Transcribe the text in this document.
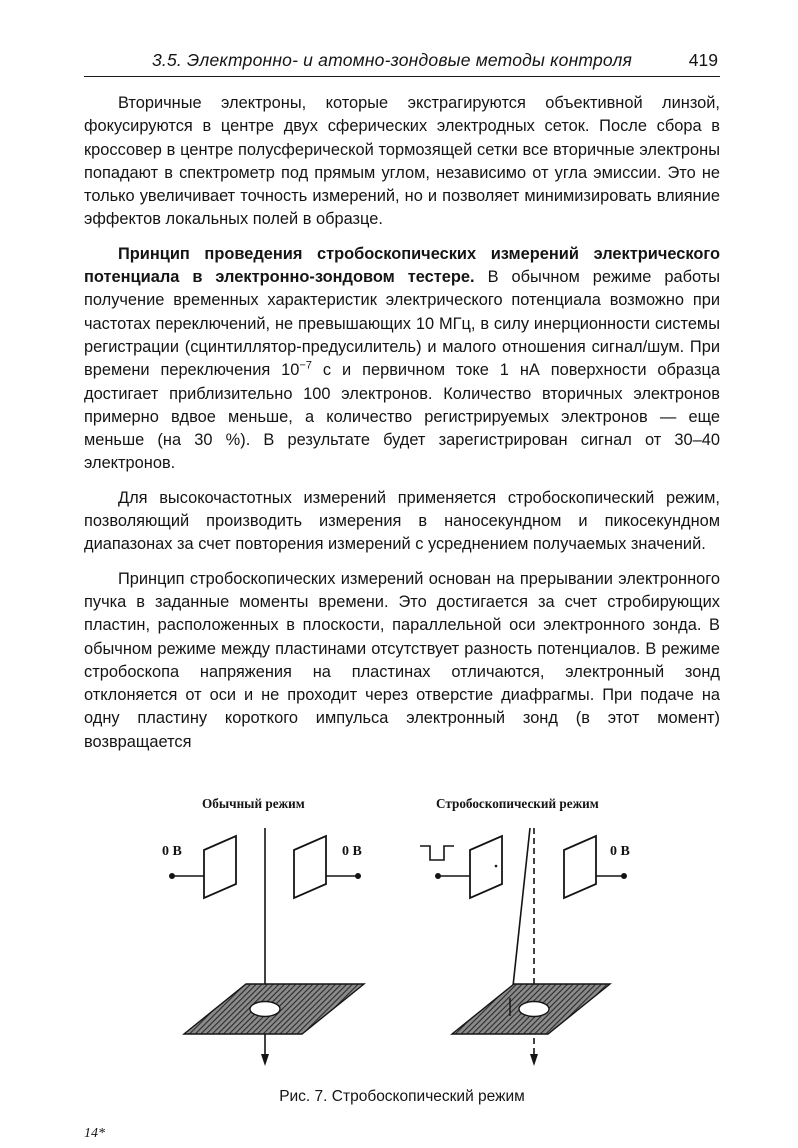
3.5. Электронно- и атомно-зондовые методы контроля	419

Вторичные электроны, которые экстрагируются объективной линзой, фокусируются в центре двух сферических электродных сеток. После сбора в кроссовер в центре полусферической тормозящей сетки все вторичные электроны попадают в спектрометр под прямым углом, независимо от угла эмиссии. Это не только увеличивает точность измерений, но и позволяет минимизировать влияние эффектов локальных полей в образце.

Принцип проведения стробоскопических измерений электрического потенциала в электронно-зондовом тестере. В обычном режиме работы получение временных характеристик электрического потенциала возможно при частотах переключений, не превышающих 10 МГц, в силу инерционности системы регистрации (сцинтиллятор-предусилитель) и малого отношения сигнал/шум. При времени переключения $10^{-7}$ с и первичном токе 1 нА поверхности образца достигает приблизительно 100 электронов. Количество вторичных электронов примерно вдвое меньше, а количество регистрируемых электронов — еще меньше (на 30 %). В результате будет зарегистрирован сигнал от 30–40 электронов.

Для высокочастотных измерений применяется стробоскопический режим, позволяющий производить измерения в наносекундном и пикосекундном диапазонах за счет повторения измерений с усреднением получаемых значений.

Принцип стробоскопических измерений основан на прерывании электронного пучка в заданные моменты времени. Это достигается за счет стробирующих пластин, расположенных в плоскости, параллельной оси электронного зонда. В обычном режиме между пластинами отсутствует разность потенциалов. В режиме стробоскопа напряжения на пластинах отличаются, электронный зонд отклоняется от оси и не проходит через отверстие диафрагмы. При подаче на одну пластину короткого импульса электронный зонд (в этот момент) возвращается

Обычный режим	Стробоскопический режим
0 В	0 В	0 В
Рис. 7. Стробоскопический режим
14*
